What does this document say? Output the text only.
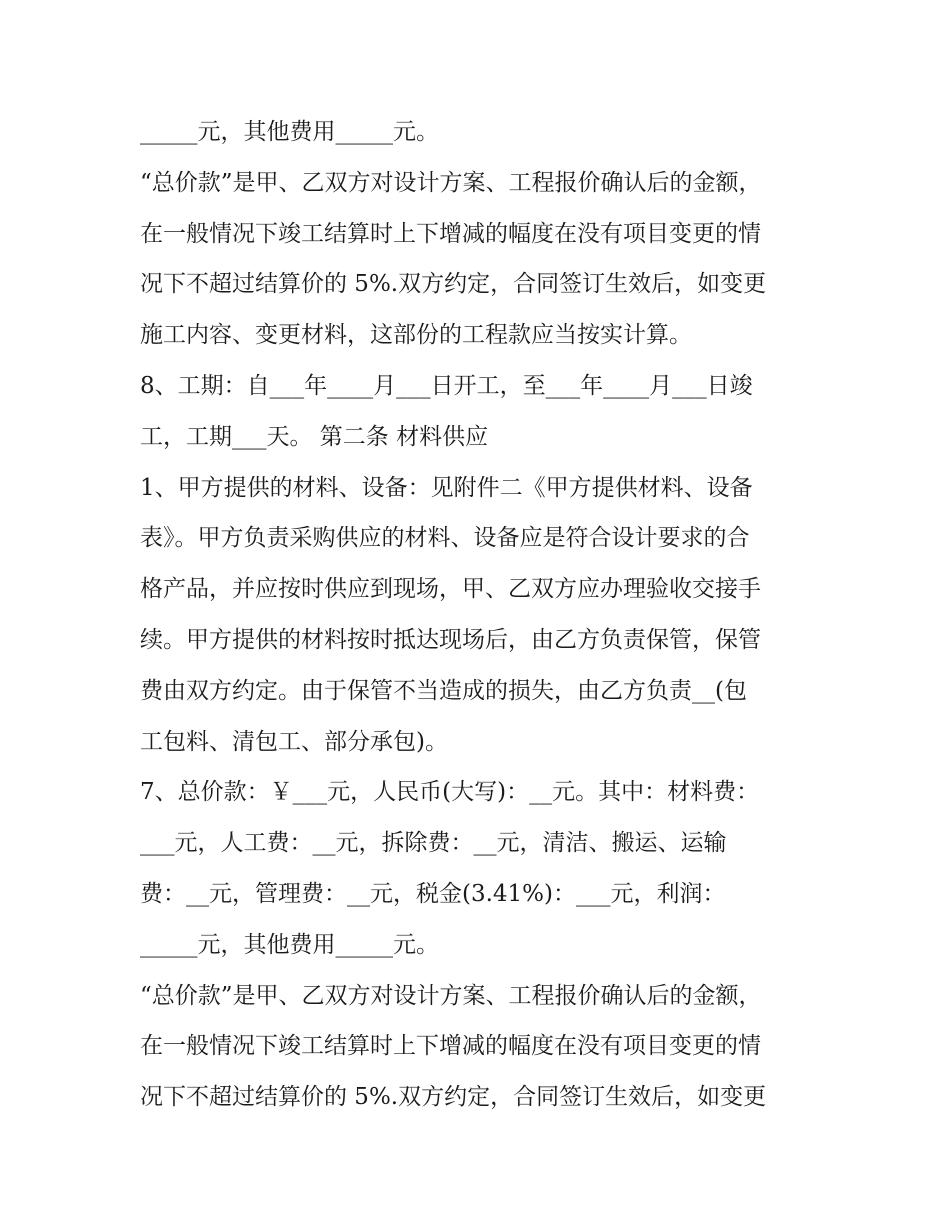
_____元，其他费用_____元。
“总价款”是甲、乙双方对设计方案、工程报价确认后的金额，
在一般情况下竣工结算时上下增减的幅度在没有项目变更的情
况下不超过结算价的 5%.双方约定，合同签订生效后，如变更
施工内容、变更材料，这部份的工程款应当按实计算。
8、工期：自___年____月___日开工，至___年____月___日竣
工，工期___天。 第二条 材料供应
1、甲方提供的材料、设备：见附件二《甲方提供材料、设备
表》。甲方负责采购供应的材料、设备应是符合设计要求的合
格产品，并应按时供应到现场，甲、乙双方应办理验收交接手
续。甲方提供的材料按时抵达现场后，由乙方负责保管，保管
费由双方约定。由于保管不当造成的损失，由乙方负责__(包
工包料、清包工、部分承包)。
7、总价款：￥___元，人民币(大写)：__元。其中：材料费：
___元，人工费：__元，拆除费：__元，清洁、搬运、运输
费：__元，管理费：__元，税金(3.41%)：___元，利润：
_____元，其他费用_____元。
“总价款”是甲、乙双方对设计方案、工程报价确认后的金额，
在一般情况下竣工结算时上下增减的幅度在没有项目变更的情
况下不超过结算价的 5%.双方约定，合同签订生效后，如变更
